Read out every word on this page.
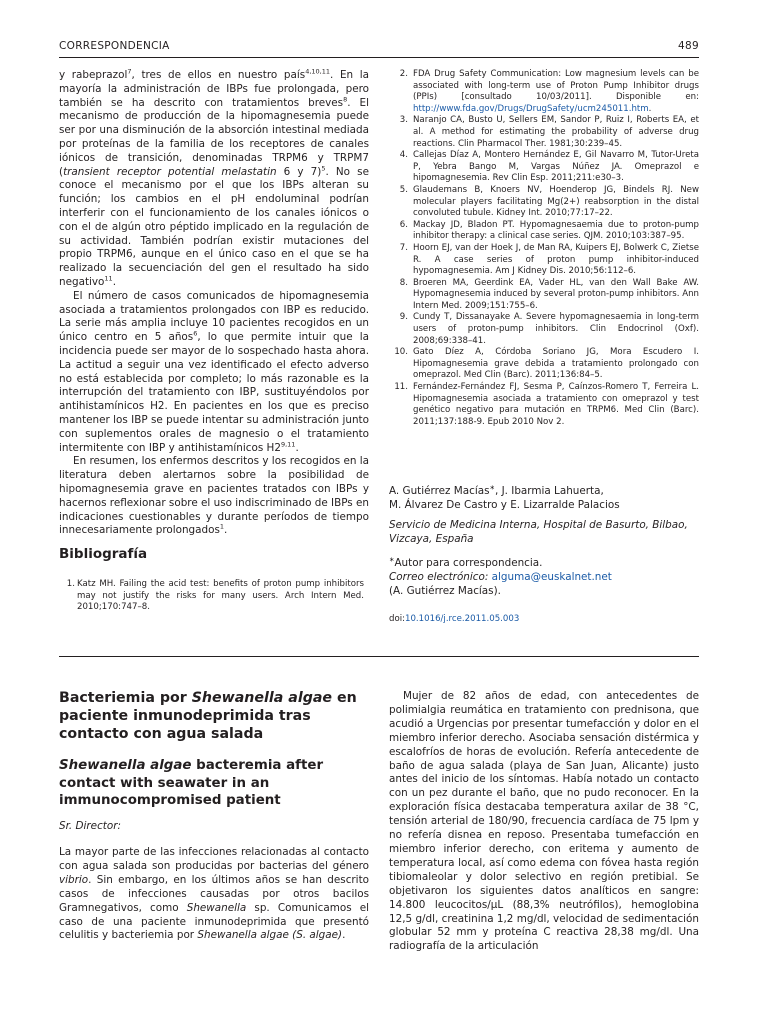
CORRESPONDENCIA	489

y rabeprazol$^7$, tres de ellos en nuestro país$^{4,10,11}$. En la mayoría la administración de IBPs fue prolongada, pero también se ha descrito con tratamientos breves$^8$. El mecanismo de producción de la hipomagnesemia puede ser por una disminución de la absorción intestinal mediada por proteínas de la familia de los receptores de canales iónicos de transición, denominadas TRPM6 y TRPM7 (transient receptor potential melastatin 6 y 7)$^5$. No se conoce el mecanismo por el que los IBPs alteran su función; los cambios en el pH endoluminal podrían interferir con el funcionamiento de los canales iónicos o con el de algún otro péptido implicado en la regulación de su actividad. También podrían existir mutaciones del propio TRPM6, aunque en el único caso en el que se ha realizado la secuenciación del gen el resultado ha sido negativo$^{11}$.

El número de casos comunicados de hipomagnesemia asociada a tratamientos prolongados con IBP es reducido. La serie más amplia incluye 10 pacientes recogidos en un único centro en 5 años$^6$, lo que permite intuir que la incidencia puede ser mayor de lo sospechado hasta ahora. La actitud a seguir una vez identificado el efecto adverso no está establecida por completo; lo más razonable es la interrupción del tratamiento con IBP, sustituyéndolos por antihistamínicos H2. En pacientes en los que es preciso mantener los IBP se puede intentar su administración junto con suplementos orales de magnesio o el tratamiento intermitente con IBP y antihistamínicos H2$^{9,11}$.

En resumen, los enfermos descritos y los recogidos en la literatura deben alertarnos sobre la posibilidad de hipomagnesemia grave en pacientes tratados con IBPs y hacernos reflexionar sobre el uso indiscriminado de IBPs en indicaciones cuestionables y durante períodos de tiempo innecesariamente prolongados$^1$.

Bibliografía
1. Katz MH. Failing the acid test: benefits of proton pump inhibitors may not justify the risks for many users. Arch Intern Med. 2010;170:747–8.
2. FDA Drug Safety Communication: Low magnesium levels can be associated with long-term use of Proton Pump Inhibitor drugs (PPIs) [consultado 10/03/2011]. Disponible en: http://www.fda.gov/Drugs/DrugSafety/ucm245011.htm.
3. Naranjo CA, Busto U, Sellers EM, Sandor P, Ruiz I, Roberts EA, et al. A method for estimating the probability of adverse drug reactions. Clin Pharmacol Ther. 1981;30:239–45.
4. Callejas Díaz A, Montero Hernández E, Gil Navarro M, Tutor-Ureta P, Yebra Bango M, Vargas Núñez JA. Omeprazol e hipomagnesemia. Rev Clin Esp. 2011;211:e30–3.
5. Glaudemans B, Knoers NV, Hoenderop JG, Bindels RJ. New molecular players facilitating Mg(2+) reabsorption in the distal convoluted tubule. Kidney Int. 2010;77:17–22.
6. Mackay JD, Bladon PT. Hypomagnesaemia due to proton-pump inhibitor therapy: a clinical case series. QJM. 2010;103:387–95.
7. Hoorn EJ, van der Hoek J, de Man RA, Kuipers EJ, Bolwerk C, Zietse R. A case series of proton pump inhibitor-induced hypomagnesemia. Am J Kidney Dis. 2010;56:112–6.
8. Broeren MA, Geerdink EA, Vader HL, van den Wall Bake AW. Hypomagnesemia induced by several proton-pump inhibitors. Ann Intern Med. 2009;151:755–6.
9. Cundy T, Dissanayake A. Severe hypomagnesaemia in long-term users of proton-pump inhibitors. Clin Endocrinol (Oxf). 2008;69:338–41.
10. Gato Díez A, Córdoba Soriano JG, Mora Escudero I. Hipomagnesemia grave debida a tratamiento prolongado con omeprazol. Med Clin (Barc). 2011;136:84–5.
11. Fernández-Fernández FJ, Sesma P, Caínzos-Romero T, Ferreira L. Hipomagnesemia asociada a tratamiento con omeprazol y test genético negativo para mutación en TRPM6. Med Clin (Barc). 2011;137:188-9. Epub 2010 Nov 2.
A. Gutiérrez Macías∗, J. Ibarmia Lahuerta,
M. Álvarez De Castro y E. Lizarralde Palacios
Servicio de Medicina Interna, Hospital de Basurto, Bilbao, Vizcaya, España
∗Autor para correspondencia.
Correo electrónico: alguma@euskalnet.net
(A. Gutiérrez Macías).
doi:10.1016/j.rce.2011.05.003
Bacteriemia por Shewanella algae en paciente inmunodeprimida tras contacto con agua salada
Shewanella algae bacteremia after contact with seawater in an immunocompromised patient
Sr. Director:

La mayor parte de las infecciones relacionadas al contacto con agua salada son producidas por bacterias del género vibrio. Sin embargo, en los últimos años se han descrito casos de infecciones causadas por otros bacilos Gramnegativos, como Shewanella sp. Comunicamos el caso de una paciente inmunodeprimida que presentó celulitis y bacteriemia por Shewanella algae (S. algae).

Mujer de 82 años de edad, con antecedentes de polimialgia reumática en tratamiento con prednisona, que acudió a Urgencias por presentar tumefacción y dolor en el miembro inferior derecho. Asociaba sensación distérmica y escalofríos de horas de evolución. Refería antecedente de baño de agua salada (playa de San Juan, Alicante) justo antes del inicio de los síntomas. Había notado un contacto con un pez durante el baño, que no pudo reconocer. En la exploración física destacaba temperatura axilar de 38 °C, tensión arterial de 180/90, frecuencia cardíaca de 75 lpm y no refería disnea en reposo. Presentaba tumefacción en miembro inferior derecho, con eritema y aumento de temperatura local, así como edema con fóvea hasta región tibiomaleolar y dolor selectivo en región pretibial. Se objetivaron los siguientes datos analíticos en sangre: 14.800 leucocitos/μL (88,3% neutrófilos), hemoglobina 12,5 g/dl, creatinina 1,2 mg/dl, velocidad de sedimentación globular 52 mm y proteína C reactiva 28,38 mg/dl. Una radiografía de la articulación
